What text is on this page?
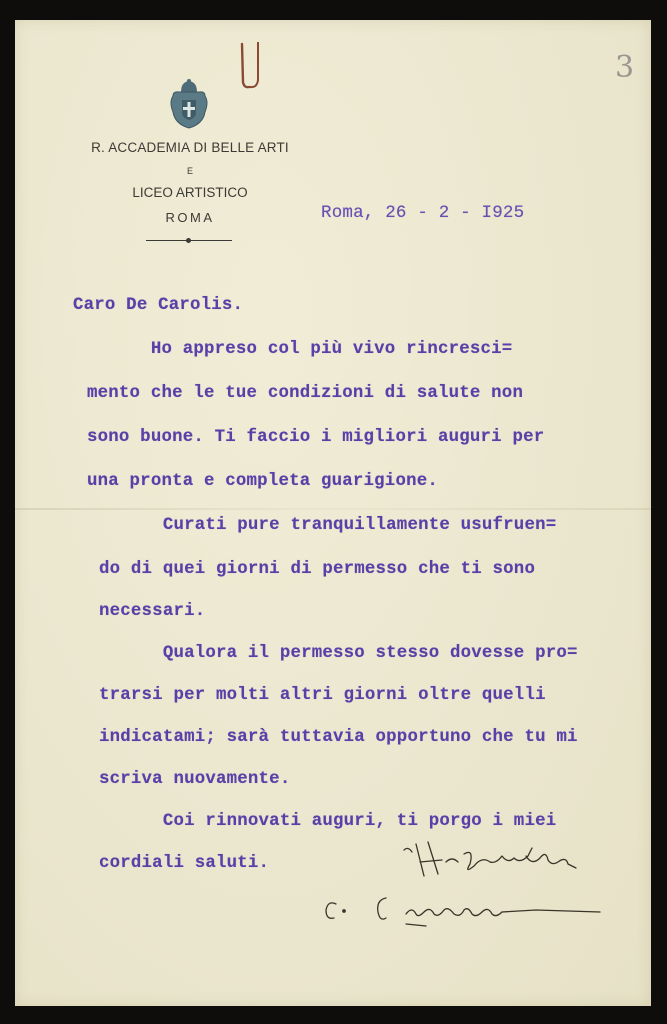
3
R. ACCADEMIA DI BELLE ARTI
E
LICEO ARTISTICO
ROMA	Roma, 26 - 2 - I925
Caro De Carolis.
Ho appreso col più vivo rincresci=
mento che le tue condizioni di salute non
sono buone. Ti faccio i migliori auguri per
una pronta e completa guarigione.
Curati pure tranquillamente usufruen=
do di quei giorni di permesso che ti sono
necessari.
Qualora il permesso stesso dovesse pro=
trarsi per molti altri giorni oltre quelli
indicatami; sarà tuttavia opportuno che tu mi
scriva nuovamente.
Coi rinnovati auguri, ti porgo i miei
cordiali saluti.
